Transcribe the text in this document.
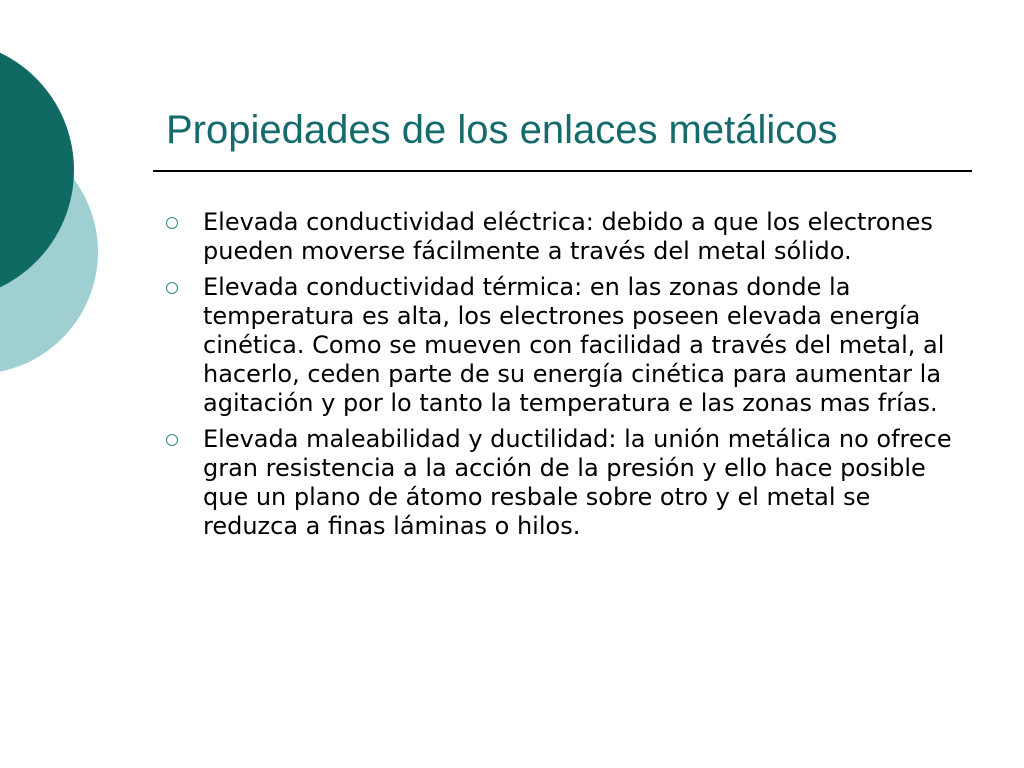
Propiedades de los enlaces metálicos
Elevada conductividad eléctrica: debido a que los electrones pueden moverse fácilmente a través del metal sólido.
Elevada conductividad térmica: en las zonas donde la temperatura es alta, los electrones poseen elevada energía cinética. Como se mueven con facilidad a través del metal, al hacerlo, ceden parte de su energía cinética para aumentar la agitación y por lo tanto la temperatura e las zonas mas frías.
Elevada maleabilidad y ductilidad: la unión metálica no ofrece gran resistencia a la acción de la presión y ello hace posible que un plano de átomo resbale sobre otro y el metal se reduzca a finas láminas o hilos.
